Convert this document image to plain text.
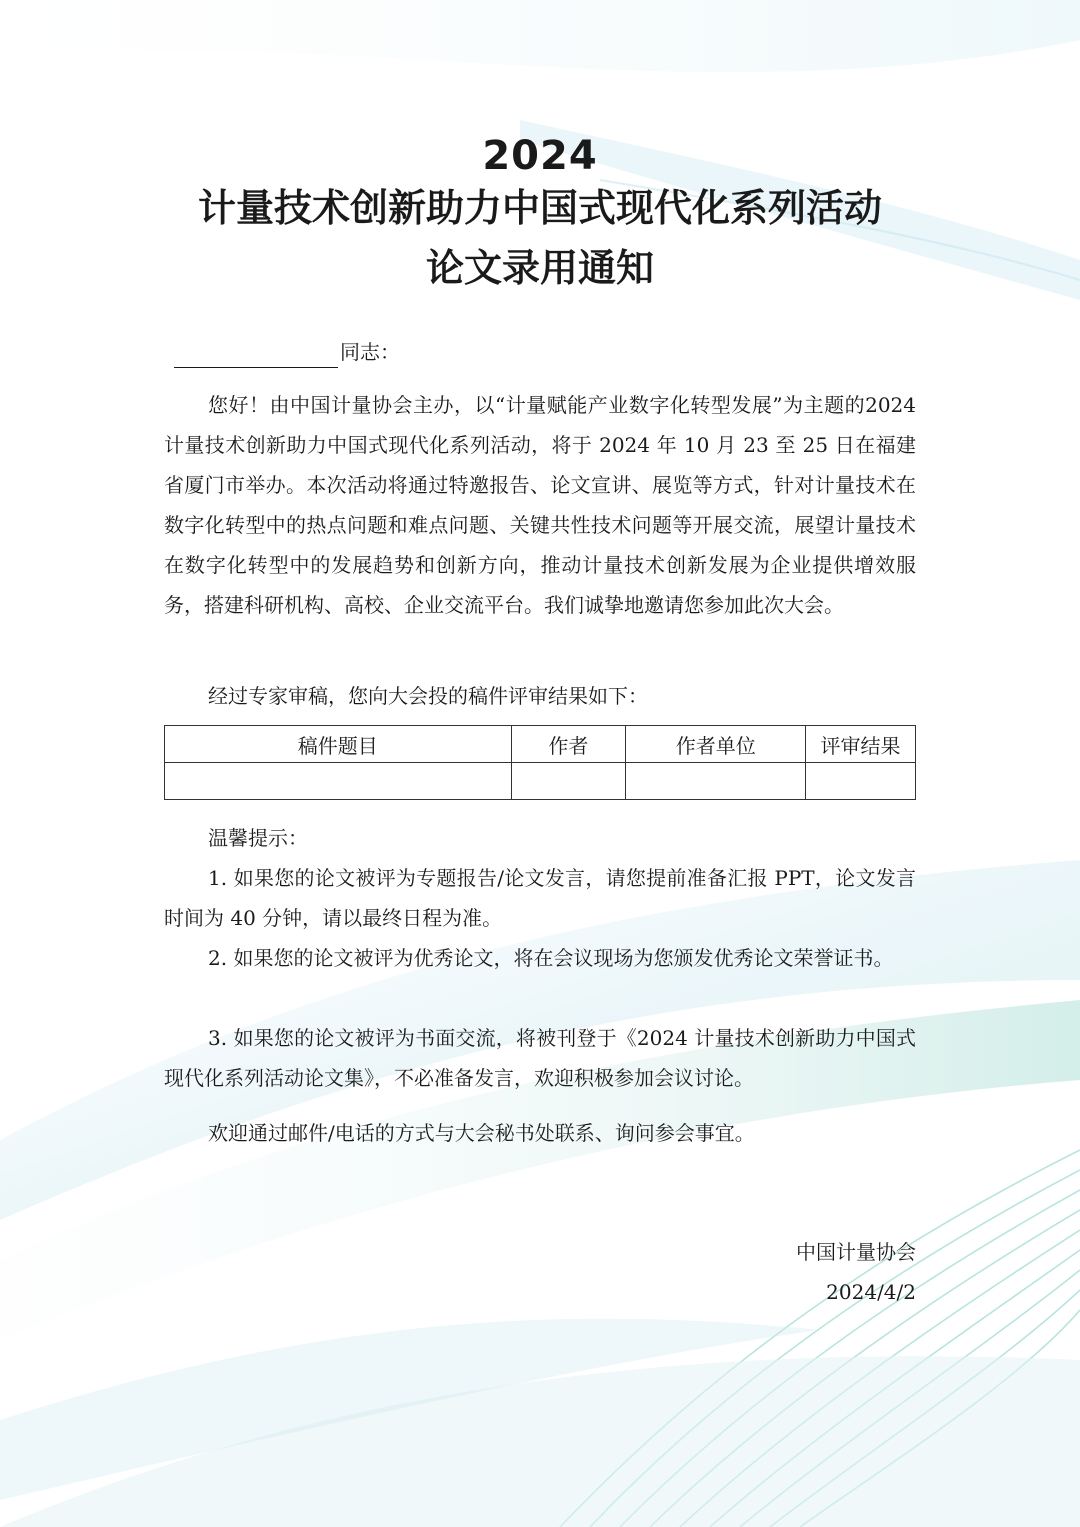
2024
计量技术创新助力中国式现代化系列活动
论文录用通知
同志：

您好！由中国计量协会主办，以“计量赋能产业数字化转型发展”为主题的2024 计量技术创新助力中国式现代化系列活动，将于 2024 年 10 月 23 至 25 日在福建省厦门市举办。本次活动将通过特邀报告、论文宣讲、展览等方式，针对计量技术在数字化转型中的热点问题和难点问题、关键共性技术问题等开展交流，展望计量技术在数字化转型中的发展趋势和创新方向，推动计量技术创新发展为企业提供增效服务，搭建科研机构、高校、企业交流平台。我们诚挚地邀请您参加此次大会。

经过专家审稿，您向大会投的稿件评审结果如下：

稿件题目	作者	作者单位	评审结果

温馨提示：

1. 如果您的论文被评为专题报告/论文发言，请您提前准备汇报 PPT，论文发言时间为 40 分钟，请以最终日程为准。

2. 如果您的论文被评为优秀论文，将在会议现场为您颁发优秀论文荣誉证书。

3. 如果您的论文被评为书面交流，将被刊登于《2024 计量技术创新助力中国式现代化系列活动论文集》，不必准备发言，欢迎积极参加会议讨论。

欢迎通过邮件/电话的方式与大会秘书处联系、询问参会事宜。

中国计量协会
2024/4/2
